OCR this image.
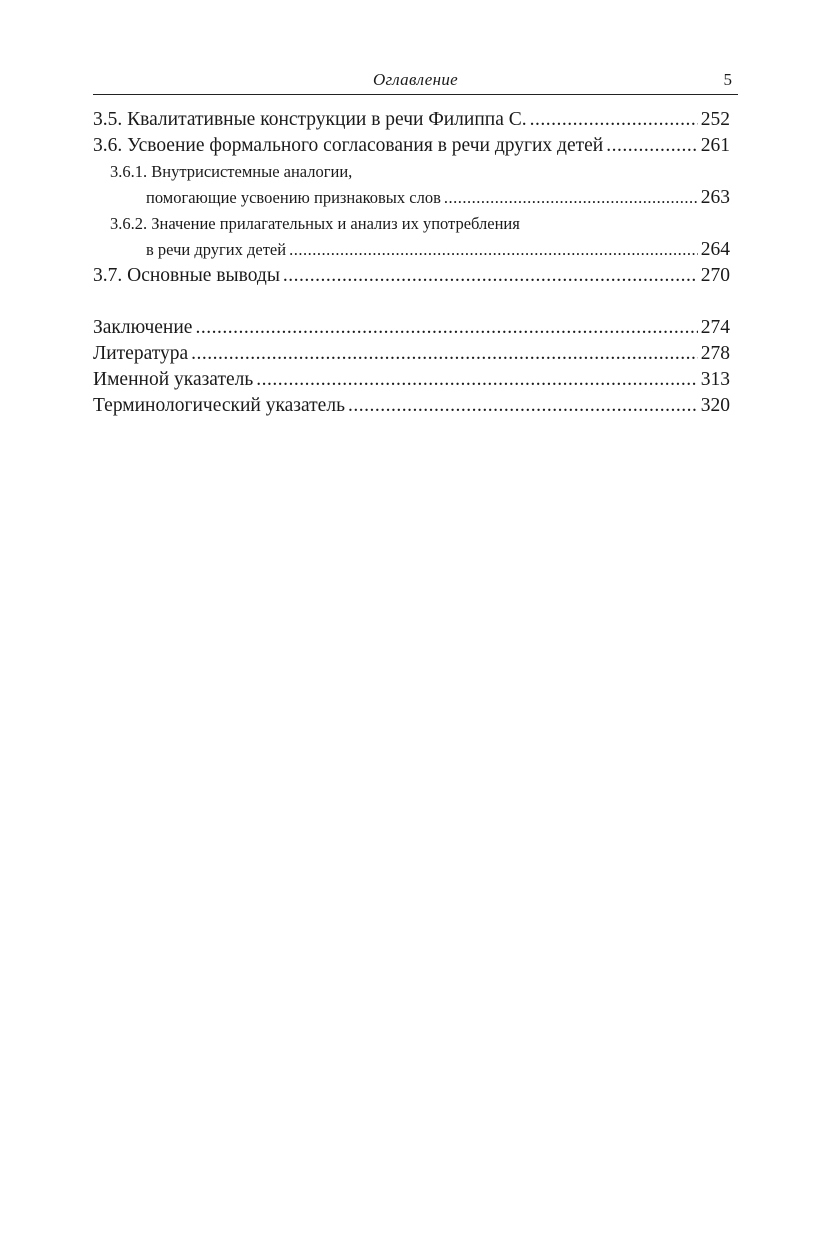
Оглавление	5
3.5. Квалитативные конструкции в речи Филиппа С. .....	252
3.6. Усвоение формального согласования в речи других детей .....	261
3.6.1. Внутрисистемные аналогии,
помогающие усвоению признаковых слов .....	263
3.6.2. Значение прилагательных и анализ их употребления
в речи других детей .....	264
3.7. Основные выводы .....	270
Заключение .....	274
Литература .....	278
Именной указатель .....	313
Терминологический указатель .....	320
